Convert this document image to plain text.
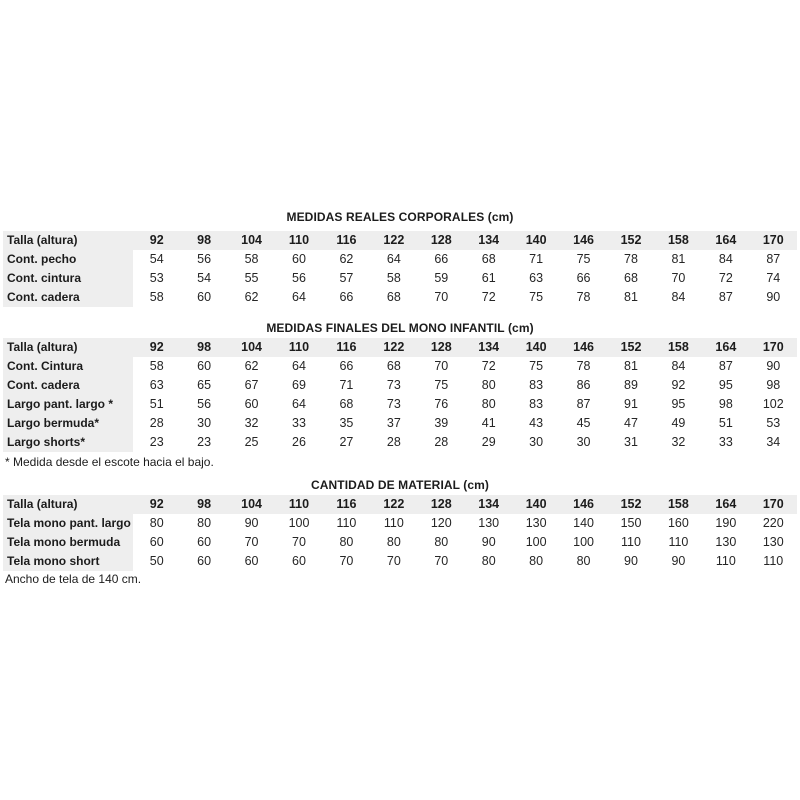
MEDIDAS REALES CORPORALES (cm)
Talla (altura)	92	98	104	110	116	122	128	134	140	146	152	158	164	170
Cont. pecho	54	56	58	60	62	64	66	68	71	75	78	81	84	87
Cont. cintura	53	54	55	56	57	58	59	61	63	66	68	70	72	74
Cont. cadera	58	60	62	64	66	68	70	72	75	78	81	84	87	90
MEDIDAS FINALES DEL MONO INFANTIL (cm)
Talla (altura)	92	98	104	110	116	122	128	134	140	146	152	158	164	170
Cont. Cintura	58	60	62	64	66	68	70	72	75	78	81	84	87	90
Cont. cadera	63	65	67	69	71	73	75	80	83	86	89	92	95	98
Largo pant. largo *	51	56	60	64	68	73	76	80	83	87	91	95	98	102
Largo bermuda*	28	30	32	33	35	37	39	41	43	45	47	49	51	53
Largo shorts*	23	23	25	26	27	28	28	29	30	30	31	32	33	34

* Medida desde el escote hacia el bajo.

CANTIDAD DE MATERIAL (cm)
Talla (altura)	92	98	104	110	116	122	128	134	140	146	152	158	164	170
Tela mono pant. largo	80	80	90	100	110	110	120	130	130	140	150	160	190	220
Tela mono bermuda	60	60	70	70	80	80	80	90	100	100	110	110	130	130
Tela mono short	50	60	60	60	70	70	70	80	80	80	90	90	110	110

Ancho de tela de 140 cm.
